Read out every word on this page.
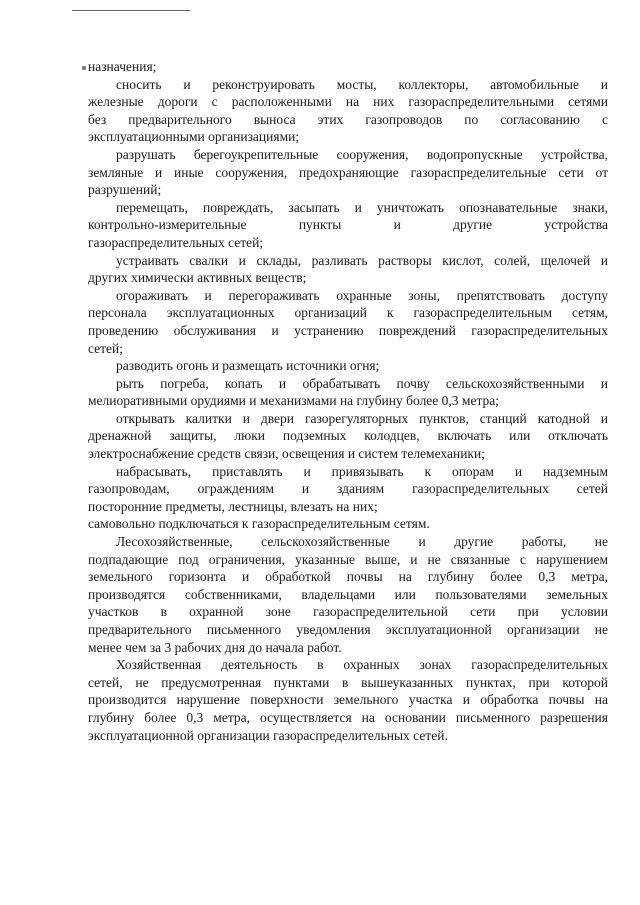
назначения;
сносить и реконструировать мосты, коллекторы, автомобильные и
железные дороги с расположенными на них газораспределительными сетями
без предварительного выноса этих газопроводов по согласованию с
эксплуатационными организациями;
разрушать берегоукрепительные сооружения, водопропускные устройства,
земляные и иные сооружения, предохраняющие газораспределительные сети от
разрушений;
перемещать, повреждать, засыпать и уничтожать опознавательные знаки,
контрольно-измерительные пункты и другие устройства
газораспределительных сетей;
устраивать свалки и склады, разливать растворы кислот, солей, щелочей и
других химически активных веществ;
огораживать и перегораживать охранные зоны, препятствовать доступу
персонала эксплуатационных организаций к газораспределительным сетям,
проведению обслуживания и устранению повреждений газораспределительных
сетей;
разводить огонь и размещать источники огня;
рыть погреба, копать и обрабатывать почву сельскохозяйственными и
мелиоративными орудиями и механизмами на глубину более 0,3 метра;
открывать калитки и двери газорегуляторных пунктов, станций катодной и
дренажной защиты, люки подземных колодцев, включать или отключать
электроснабжение средств связи, освещения и систем телемеханики;
набрасывать, приставлять и привязывать к опорам и надземным
газопроводам, ограждениям и зданиям газораспределительных сетей
посторонние предметы, лестницы, влезать на них;
самовольно подключаться к газораспределительным сетям.
Лесохозяйственные, сельскохозяйственные и другие работы, не
подпадающие под ограничения, указанные выше, и не связанные с нарушением
земельного горизонта и обработкой почвы на глубину более 0,3 метра,
производятся собственниками, владельцами или пользователями земельных
участков в охранной зоне газораспределительной сети при условии
предварительного письменного уведомления эксплуатационной организации не
менее чем за 3 рабочих дня до начала работ.
Хозяйственная деятельность в охранных зонах газораспределительных
сетей, не предусмотренная пунктами в вышеуказанных пунктах, при которой
производится нарушение поверхности земельного участка и обработка почвы на
глубину более 0,3 метра, осуществляется на основании письменного разрешения
эксплуатационной организации газораспределительных сетей.
